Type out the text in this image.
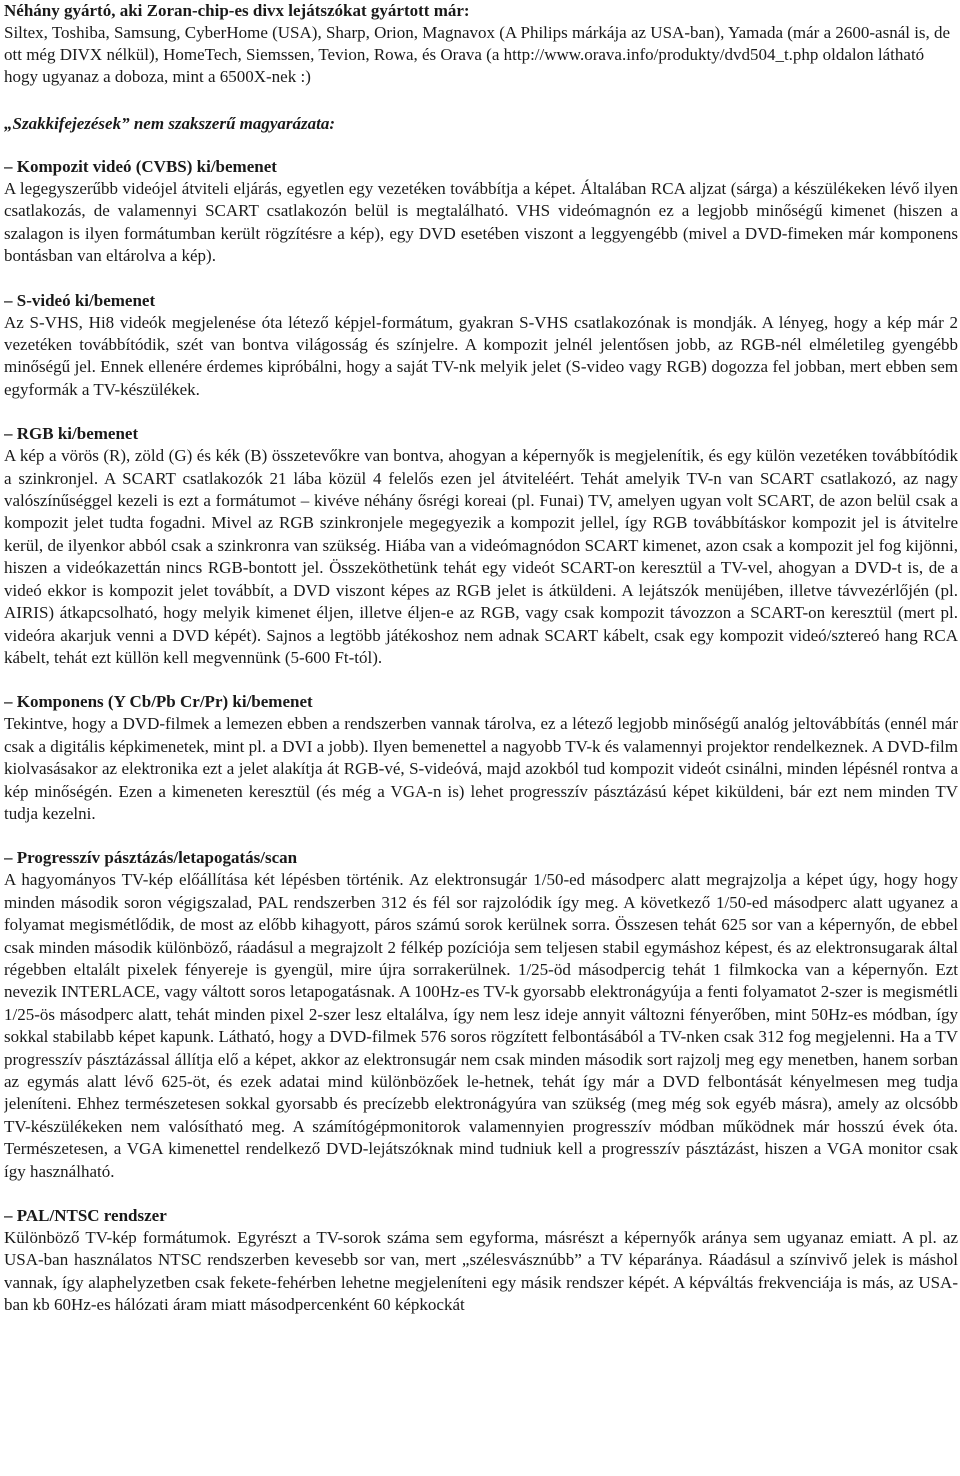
Néhány gyártó, aki Zoran-chip-es divx lejátszókat gyártott már:

Siltex, Toshiba, Samsung, CyberHome (USA), Sharp, Orion, Magnavox (A Philips márkája az USA-ban), Yamada (már a 2600-asnál is, de ott még DIVX nélkül), HomeTech, Siemssen, Tevion, Rowa, és Orava (a http://www.orava.info/produkty/dvd504_t.php oldalon látható hogy ugyanaz a doboza, mint a 6500X-nek :)

„Szakkifejezések” nem szakszerű magyarázata:
– Kompozit videó (CVBS) ki/bemenet

A legegyszerűbb videójel átviteli eljárás, egyetlen egy vezetéken továbbítja a képet. Általában RCA aljzat (sárga) a készülékeken lévő ilyen csatlakozás, de valamennyi SCART csatlakozón belül is megtalálható. VHS videómagnón ez a legjobb minőségű kimenet (hiszen a szalagon is ilyen formátumban került rögzítésre a kép), egy DVD esetében viszont a leggyengébb (mivel a DVD-fimeken már komponens bontásban van eltárolva a kép).

– S-videó ki/bemenet

Az S-VHS, Hi8 videók megjelenése óta létező képjel-formátum, gyakran S-VHS csatlakozónak is mondják. A lényeg, hogy a kép már 2 vezetéken továbbítódik, szét van bontva világosság és színjelre. A kompozit jelnél jelentősen jobb, az RGB-nél elméletileg gyengébb minőségű jel. Ennek ellenére érdemes kipróbálni, hogy a saját TV-nk melyik jelet (S-video vagy RGB) dogozza fel jobban, mert ebben sem egyformák a TV-készülékek.

– RGB ki/bemenet

A kép a vörös (R), zöld (G) és kék (B) összetevőkre van bontva, ahogyan a képernyők is megjelenítik, és egy külön vezetéken továbbítódik a szinkronjel. A SCART csatlakozók 21 lába közül 4 felelős ezen jel átviteléért. Tehát amelyik TV-n van SCART csatlakozó, az nagy valószínűséggel kezeli is ezt a formátumot – kivéve néhány ősrégi koreai (pl. Funai) TV, amelyen ugyan volt SCART, de azon belül csak a kompozit jelet tudta fogadni. Mivel az RGB szinkronjele megegyezik a kompozit jellel, így RGB továbbításkor kompozit jel is átvitelre kerül, de ilyenkor abból csak a szinkronra van szükség. Hiába van a videómagnódon SCART kimenet, azon csak a kompozit jel fog kijönni, hiszen a videókazettán nincs RGB-bontott jel. Összeköthetünk tehát egy videót SCART-on keresztül a TV-vel, ahogyan a DVD-t is, de a videó ekkor is kompozit jelet továbbít, a DVD viszont képes az RGB jelet is átküldeni. A lejátszók menüjében, illetve távvezérlőjén (pl. AIRIS) átkapcsolható, hogy melyik kimenet éljen, illetve éljen-e az RGB, vagy csak kompozit távozzon a SCART-on keresztül (mert pl. videóra akarjuk venni a DVD képét). Sajnos a legtöbb játékoshoz nem adnak SCART kábelt, csak egy kompozit videó/sztereó hang RCA kábelt, tehát ezt küllön kell megvennünk (5-600 Ft-tól).

– Komponens (Y Cb/Pb Cr/Pr) ki/bemenet

Tekintve, hogy a DVD-filmek a lemezen ebben a rendszerben vannak tárolva, ez a létező legjobb minőségű analóg jeltovábbítás (ennél már csak a digitális képkimenetek, mint pl. a DVI a jobb). Ilyen bemenettel a nagyobb TV-k és valamennyi projektor rendelkeznek. A DVD-film kiolvasásakor az elektronika ezt a jelet alakítja át RGB-vé, S-videóvá, majd azokból tud kompozit videót csinálni, minden lépésnél rontva a kép minőségén. Ezen a kimeneten keresztül (és még a VGA-n is) lehet progresszív pásztázású képet kiküldeni, bár ezt nem minden TV tudja kezelni.

– Progresszív pásztázás/letapogatás/scan

A hagyományos TV-kép előállítása két lépésben történik. Az elektronsugár 1/50-ed másodperc alatt megrajzolja a képet úgy, hogy hogy minden második soron végigszalad, PAL rendszerben 312 és fél sor rajzolódik így meg. A következő 1/50-ed másodperc alatt ugyanez a folyamat megismétlődik, de most az előbb kihagyott, páros számú sorok kerülnek sorra. Összesen tehát 625 sor van a képernyőn, de ebbel csak minden második különböző, ráadásul a megrajzolt 2 félkép pozíciója sem teljesen stabil egymáshoz képest, és az elektronsugarak által régebben eltalált pixelek fényereje is gyengül, mire újra sorrakerülnek. 1/25-öd másodpercig tehát 1 filmkocka van a képernyőn. Ezt nevezik INTERLACE, vagy váltott soros letapogatásnak. A 100Hz-es TV-k gyorsabb elektronágyúja a fenti folyamatot 2-szer is megismétli 1/25-ös másodperc alatt, tehát minden pixel 2-szer lesz eltalálva, így nem lesz ideje annyit változni fényerőben, mint 50Hz-es módban, így sokkal stabilabb képet kapunk. Látható, hogy a DVD-filmek 576 soros rögzített felbontásából a TV-nken csak 312 fog megjelenni. Ha a TV progresszív pásztázással állítja elő a képet, akkor az elektronsugár nem csak minden második sort rajzolj meg egy menetben, hanem sorban az egymás alatt lévő 625-öt, és ezek adatai mind különbözőek le-hetnek, tehát így már a DVD felbontását kényelmesen meg tudja jeleníteni. Ehhez természetesen sokkal gyorsabb és precízebb elektronágyúra van szükség (meg még sok egyéb másra), amely az olcsóbb TV-készülékeken nem valósítható meg. A számítógépmonitorok valamennyien progresszív módban működnek már hosszú évek óta. Természetesen, a VGA kimenettel rendelkező DVD-lejátszóknak mind tudniuk kell a progresszív pásztázást, hiszen a VGA monitor csak így használható.

– PAL/NTSC rendszer

Különböző TV-kép formátumok. Egyrészt a TV-sorok száma sem egyforma, másrészt a képernyők aránya sem ugyanaz emiatt. A pl. az USA-ban használatos NTSC rendszerben kevesebb sor van, mert „szélesvásznúbb” a TV képaránya. Ráadásul a színvivő jelek is máshol vannak, így alaphelyzetben csak fekete-fehérben lehetne megjeleníteni egy másik rendszer képét. A képváltás frekvenciája is más, az USA-ban kb 60Hz-es hálózati áram miatt másodpercenként 60 képkockát
